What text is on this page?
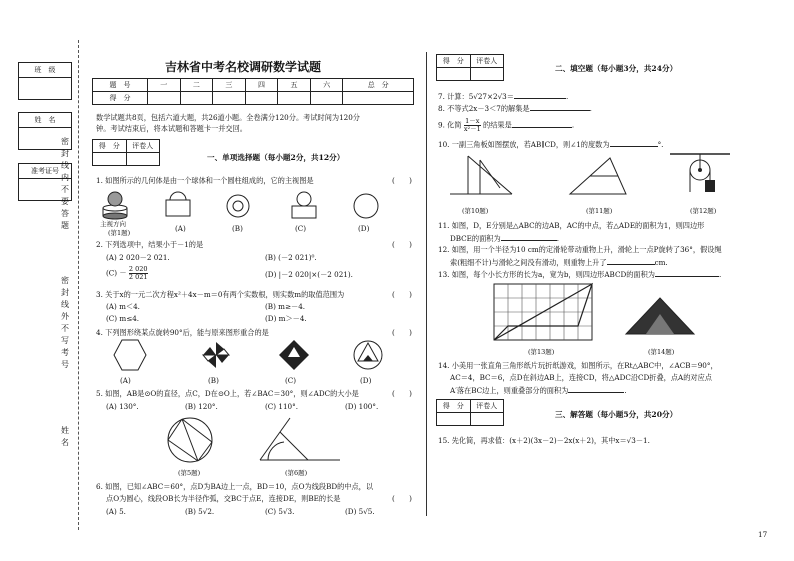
班　级
姓　名
准考证号
密
封
线
内
不
要
答
题
密
封
线
外
不
写
考
号
姓
名
吉林省中考名校调研数学试题
题　号	一	二	三	四	五	六	总　分
得　分							
数学试题共8页，包括六道大题，共26道小题。全卷满分120分。考试时间为120分
钟。考试结束后，将本试题和答题卡一并交回。
得　分	评卷人

一、单项选择题（每小题2分，共12分）
1. 如图所示的几何体是由一个球体和一个圆柱组成的，它的主视图是	(　　)
主视方向
(第1题)	(A)	(B)	(C)	(D)
2. 下列选项中，结果小于－1的是	(　　)
(A) 2 020－2 021.	(B) (－2 021)⁰.
$(C) - \frac{2 020}{2 021}$	(D) |－2 020|×(－2 021).
3. 关于x的一元二次方程x²＋4x－m＝0有两个实数根，则实数m的取值范围为	(　　)
(A) m＜4.	(B) m≥－4.
(C) m≤4.	(D) m＞－4.
4. 下列图形绕某点旋转90°后，能与原来图形重合的是	(　　)
(A)	(B)	(C)	(D)
5. 如图，AB是⊙O的直径，点C，D在⊙O上，若∠BAC＝30°，则∠ADC的大小是	(　　)
(A) 130°.	(B) 120°.	(C) 110°.	(D) 100°.
(第5题)	(第6题)
6. 如图，已知∠ABC＝60°，点D为BA边上一点，BD＝10，点O为线段BD的中点，以
点O为圆心，线段OB长为半径作弧，交BC于点E，连接DE，则BE的长是	(　　)
(A) 5.	(B) 5√2.	(C) 5√3.	(D) 5√5.
得　分	评卷人

二、填空题（每小题3分，共24分）
7. 计算：5√27×2√3＝	.
8. 不等式2x－3＜7的解集是	.
9. 化简 $\frac{1-x}{\text{x²－1}}$ 的结果是	.
10. 一副三角板如图摆放，若AB∥CD，则∠1的度数为	°.
(第10题)	(第11题)	(第12题)
11. 如图，D，E分别是△ABC的边AB，AC的中点，若△ADE的面积为1，则四边形
DBCE的面积为	.
12. 如图，用一个半径为10 cm的定滑轮带动重物上升，滑轮上一点P旋转了36°，假设绳
索(粗细不计)与滑轮之间没有滑动，则重物上升了	cm.
13. 如图，每个小长方形的长为a，宽为b，则四边形ABCD的面积为	.
(第13题)	(第14题)
14. 小美用一张直角三角形纸片玩折纸游戏，如图所示，在Rt△ABC中，∠ACB＝90°，
AC＝4，BC＝6，点D在斜边AB上，连接CD，将△ADC沿CD折叠，点A的对应点
A′落在BC边上，则重叠部分的面积为	.
得　分	评卷人

三、解答题（每小题5分，共20分）
15. 先化简，再求值：(x＋2)(3x－2)－2x(x＋2)，其中x＝√3－1.
17
